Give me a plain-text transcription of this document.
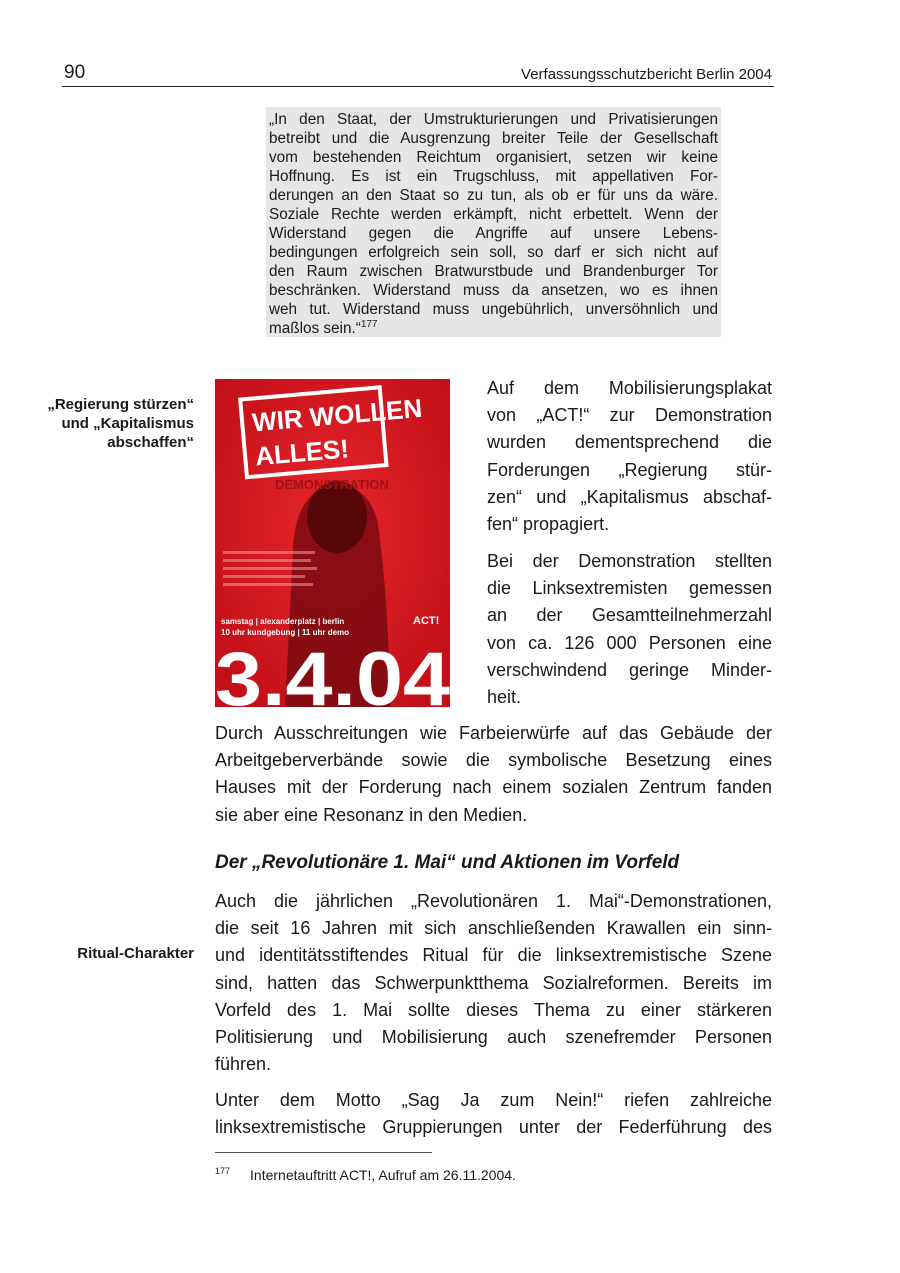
90	Verfassungsschutzbericht Berlin 2004
„In den Staat, der Umstrukturierungen und Privatisierungen
betreibt und die Ausgrenzung breiter Teile der Gesellschaft
vom bestehenden Reichtum organisiert, setzen wir keine
Hoffnung. Es ist ein Trugschluss, mit appellativen For-
derungen an den Staat so zu tun, als ob er für uns da wäre.
Soziale Rechte werden erkämpft, nicht erbettelt. Wenn der
Widerstand gegen die Angriffe auf unsere Lebens-
bedingungen erfolgreich sein soll, so darf er sich nicht auf
den Raum zwischen Bratwurstbude und Brandenburger Tor
beschränken. Widerstand muss da ansetzen, wo es ihnen
weh tut. Widerstand muss ungebührlich, unversöhnlich und
maßlos sein.“$^{177}$
„Regierung stürzen“
und „Kapitalismus
abschaffen“
Ritual-Charakter
WIR WOLLEN
ALLES!
DEMONSTRATION
samstag | alexanderplatz | berlin
10 uhr kundgebung | 11 uhr demo
ACT!
3.4.04
Auf dem Mobilisierungsplakat
von „ACT!“ zur Demonstration
wurden dementsprechend die
Forderungen „Regierung stür-
zen“ und „Kapitalismus abschaf-
fen“ propagiert.
Bei der Demonstration stellten
die Linksextremisten gemessen
an der Gesamtteilnehmerzahl
von ca. 126 000 Personen eine
verschwindend geringe Minder-
heit.
Durch Ausschreitungen wie Farbeierwürfe auf das Gebäude der
Arbeitgeberverbände sowie die symbolische Besetzung eines
Hauses mit der Forderung nach einem sozialen Zentrum fanden
sie aber eine Resonanz in den Medien.
Der „Revolutionäre 1. Mai“ und Aktionen im Vorfeld
Auch die jährlichen „Revolutionären 1. Mai“-Demonstrationen,
die seit 16 Jahren mit sich anschließenden Krawallen ein sinn-
und identitätsstiftendes Ritual für die linksextremistische Szene
sind, hatten das Schwerpunktthema Sozialreformen. Bereits im
Vorfeld des 1. Mai sollte dieses Thema zu einer stärkeren
Politisierung und Mobilisierung auch szenefremder Personen
führen.
Unter dem Motto „Sag Ja zum Nein!“ riefen zahlreiche
linksextremistische Gruppierungen unter der Federführung des
$^{177}$ Internetauftritt ACT!, Aufruf am 26.11.2004.
